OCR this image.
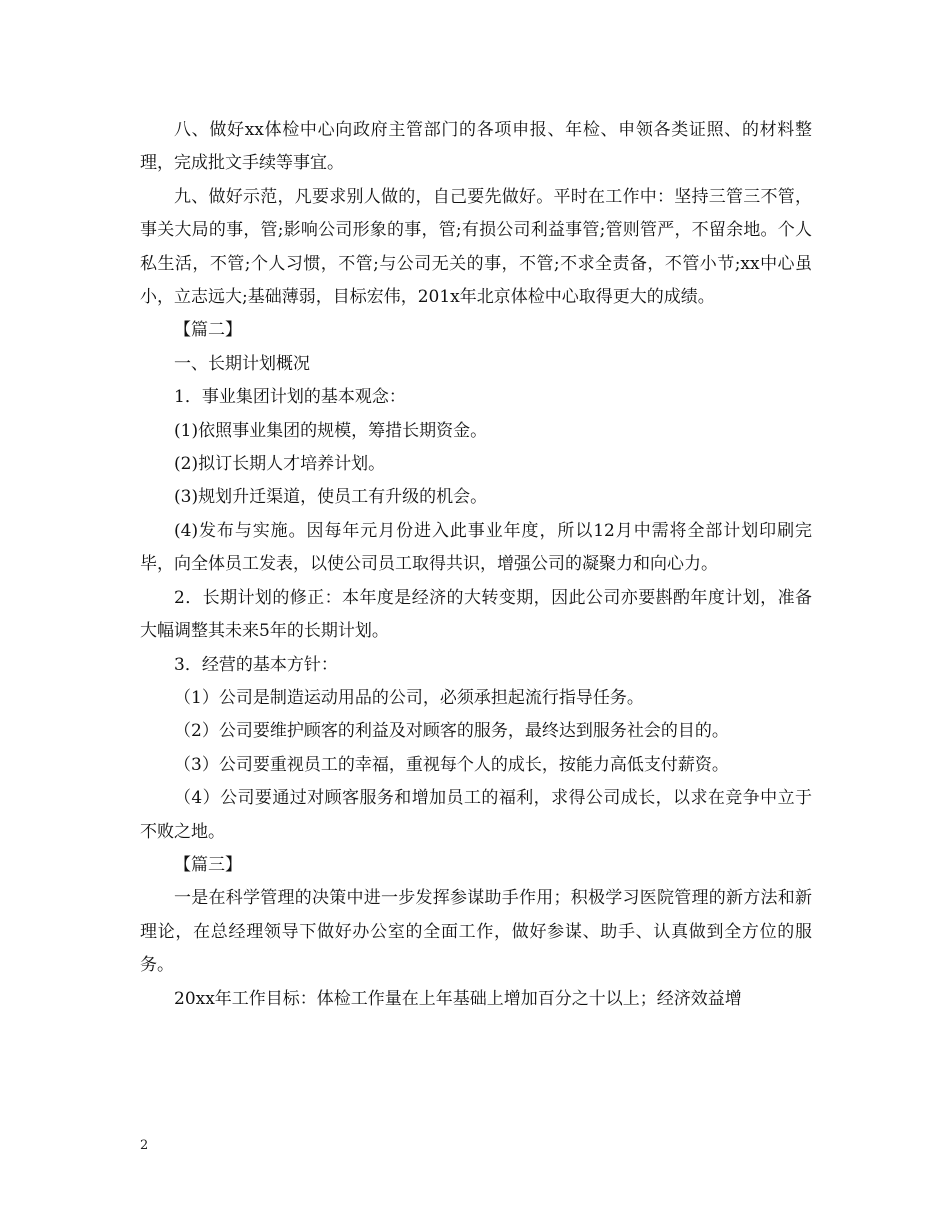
八、做好xx体检中心向政府主管部门的各项申报、年检、申领各类证照、的材料整理，完成批文手续等事宜。

九、做好示范，凡要求别人做的，自己要先做好。平时在工作中：坚持三管三不管，事关大局的事，管;影响公司形象的事，管;有损公司利益事管;管则管严，不留余地。个人私生活，不管;个人习惯，不管;与公司无关的事，不管;不求全责备，不管小节;xx中心虽小，立志远大;基础薄弱，目标宏伟，201x年北京体检中心取得更大的成绩。

【篇二】

一、长期计划概况

1．事业集团计划的基本观念：

(1)依照事业集团的规模，筹措长期资金。

(2)拟订长期人才培养计划。

(3)规划升迁渠道，使员工有升级的机会。

(4)发布与实施。因每年元月份进入此事业年度，所以12月中需将全部计划印刷完毕，向全体员工发表，以使公司员工取得共识，增强公司的凝聚力和向心力。

2．长期计划的修正：本年度是经济的大转变期，因此公司亦要斟酌年度计划，准备大幅调整其未来5年的长期计划。

3．经营的基本方针：

（1）公司是制造运动用品的公司，必须承担起流行指导任务。

（2）公司要维护顾客的利益及对顾客的服务，最终达到服务社会的目的。

（3）公司要重视员工的幸福，重视每个人的成长，按能力高低支付薪资。

（4）公司要通过对顾客服务和增加员工的福利，求得公司成长，以求在竞争中立于不败之地。

【篇三】

一是在科学管理的决策中进一步发挥参谋助手作用；积极学习医院管理的新方法和新理论，在总经理领导下做好办公室的全面工作，做好参谋、助手、认真做到全方位的服务。

20xx年工作目标：体检工作量在上年基础上增加百分之十以上；经济效益增

2
